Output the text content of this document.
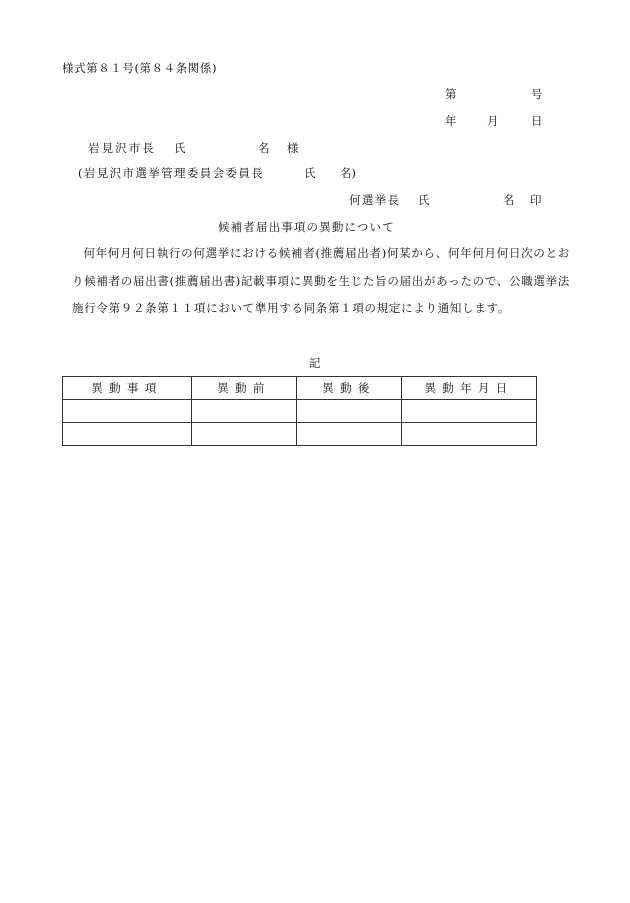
様式第８１号(第８４条関係)
第	号
年	月	日
岩見沢市長 氏	名 様
(岩見沢市選挙管理委員会委員長	氏 名)
何選挙長 氏	名 印
候補者届出事項の異動について
何年何月何日執行の何選挙における候補者(推薦届出者)何某から、何年何月何日次のとおり候補者の届出書(推薦届出書)記載事項に異動を生じた旨の届出があったので、公職選挙法施行令第９２条第１１項において準用する同条第１項の規定により通知します。
記
異動事項	異動前	異動後	異動年月日
